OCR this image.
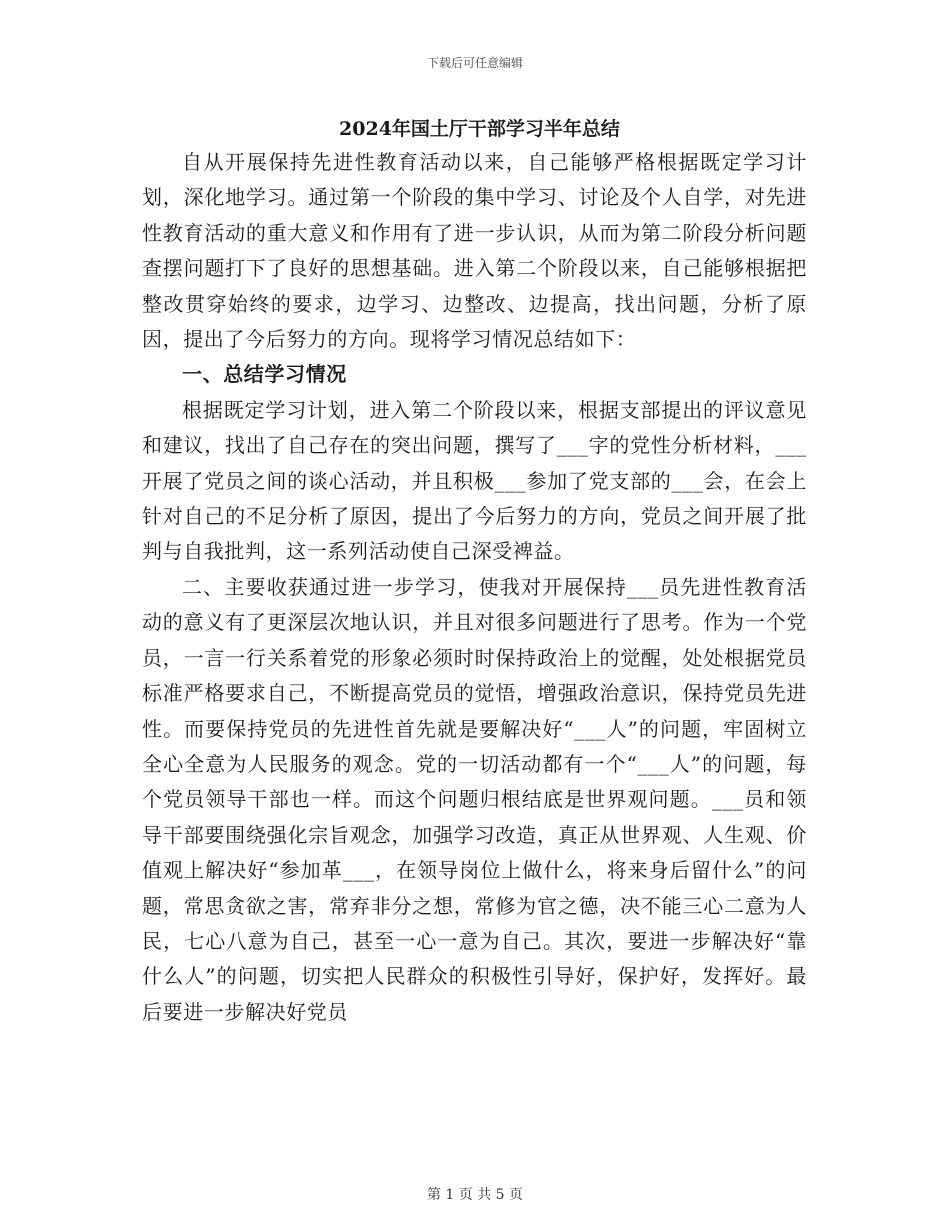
下载后可任意编辑
2024年国土厅干部学习半年总结

自从开展保持先进性教育活动以来，自己能够严格根据既定学习计划，深化地学习。通过第一个阶段的集中学习、讨论及个人自学，对先进性教育活动的重大意义和作用有了进一步认识，从而为第二阶段分析问题查摆问题打下了良好的思想基础。进入第二个阶段以来，自己能够根据把整改贯穿始终的要求，边学习、边整改、边提高，找出问题，分析了原因，提出了今后努力的方向。现将学习情况总结如下：

一、总结学习情况

根据既定学习计划，进入第二个阶段以来，根据支部提出的评议意见和建议，找出了自己存在的突出问题，撰写了___字的党性分析材料，___开展了党员之间的谈心活动，并且积极___参加了党支部的___会，在会上针对自己的不足分析了原因，提出了今后努力的方向，党员之间开展了批判与自我批判，这一系列活动使自己深受裨益。

二、主要收获通过进一步学习，使我对开展保持___员先进性教育活动的意义有了更深层次地认识，并且对很多问题进行了思考。作为一个党员，一言一行关系着党的形象必须时时保持政治上的觉醒，处处根据党员标准严格要求自己，不断提高党员的觉悟，增强政治意识，保持党员先进性。而要保持党员的先进性首先就是要解决好“___人”的问题，牢固树立全心全意为人民服务的观念。党的一切活动都有一个“___人”的问题，每个党员领导干部也一样。而这个问题归根结底是世界观问题。___员和领导干部要围绕强化宗旨观念，加强学习改造，真正从世界观、人生观、价值观上解决好“参加革___，在领导岗位上做什么，将来身后留什么”的问题，常思贪欲之害，常弃非分之想，常修为官之德，决不能三心二意为人民，七心八意为自己，甚至一心一意为自己。其次，要进一步解决好“靠什么人”的问题，切实把人民群众的积极性引导好，保护好，发挥好。最后要进一步解决好党员

第 1 页 共 5 页
